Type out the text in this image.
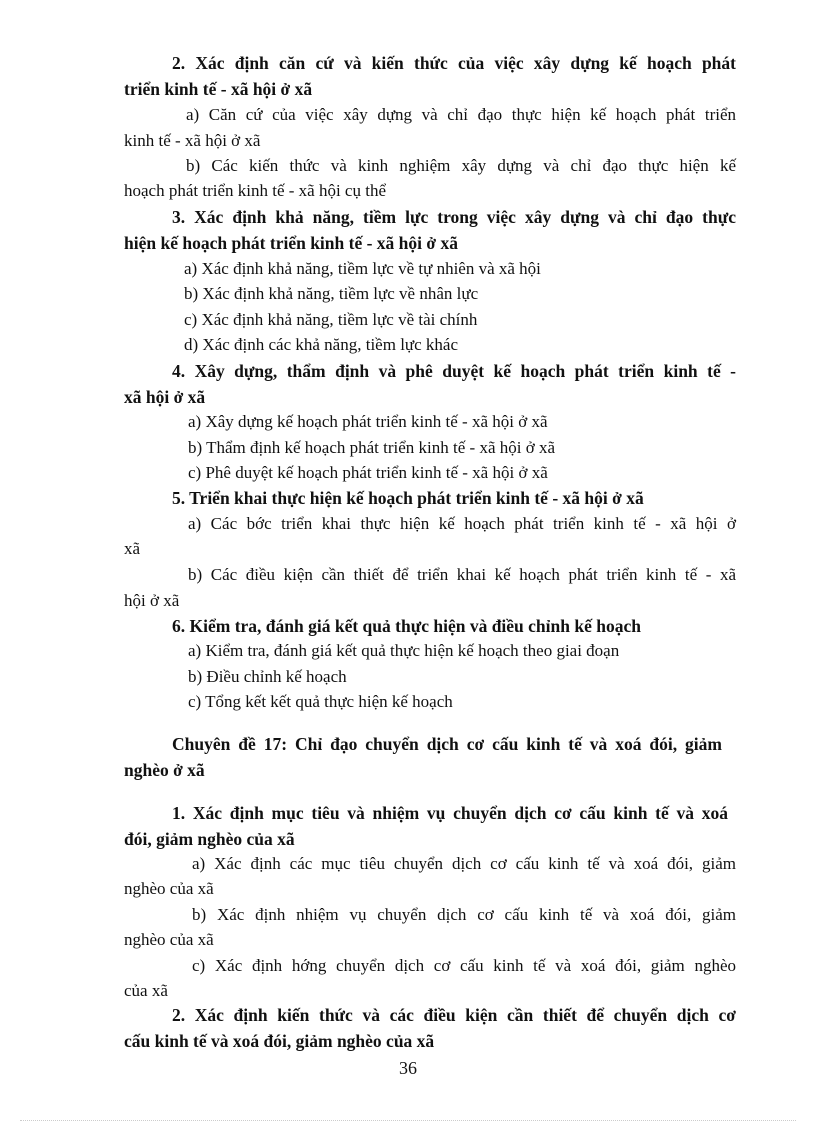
2. Xác định căn cứ và kiến thức của việc xây dựng kế hoạch phát
triển kinh tế - xã hội ở xã
a) Căn cứ của việc xây dựng và chỉ đạo thực hiện kế hoạch phát triển
kinh tế - xã hội ở xã
b) Các kiến thức và kinh nghiệm xây dựng và chỉ đạo thực hiện kế
hoạch phát triển kinh tế - xã hội cụ thể
3. Xác định khả năng, tiềm lực trong việc xây dựng và chỉ đạo thực
hiện kế hoạch phát triển kinh tế - xã hội ở xã
a) Xác định khả năng, tiềm lực về tự nhiên và xã hội
b) Xác định khả năng, tiềm lực về nhân lực
c) Xác định khả năng, tiềm lực về tài chính
d) Xác định các khả năng, tiềm lực khác
4. Xây dựng, thẩm định và phê duyệt kế hoạch phát triển kinh tế -
xã hội ở xã
a) Xây dựng kế hoạch phát triển kinh tế - xã hội ở xã
b) Thẩm định kế hoạch phát triển kinh tế - xã hội ở xã
c) Phê duyệt kế hoạch phát triển kinh tế - xã hội ở xã
5. Triển khai thực hiện kế hoạch phát triển kinh tế - xã hội ở xã
a) Các bớc triển khai thực hiện kế hoạch phát triển kinh tế - xã hội ở
xã
b) Các điều kiện cần thiết để triển khai kế hoạch phát triển kinh tế - xã
hội ở xã
6. Kiểm tra, đánh giá kết quả thực hiện và điều chỉnh kế hoạch
a) Kiểm tra, đánh giá kết quả thực hiện kế hoạch theo giai đoạn
b) Điều chỉnh kế hoạch
c) Tổng kết kết quả thực hiện kế hoạch
Chuyên đề 17: Chỉ đạo chuyển dịch cơ cấu kinh tế và xoá đói, giảm
nghèo ở xã
1. Xác định mục tiêu và nhiệm vụ chuyển dịch cơ cấu kinh tế và xoá
đói, giảm nghèo của xã
a) Xác định các mục tiêu chuyển dịch cơ cấu kinh tế và xoá đói, giảm
nghèo của xã
b) Xác định nhiệm vụ chuyển dịch cơ cấu kinh tế và xoá đói, giảm
nghèo của xã
c) Xác định hớng chuyển dịch cơ cấu kinh tế và xoá đói, giảm nghèo
của xã
2. Xác định kiến thức và các điều kiện cần thiết để chuyển dịch cơ
cấu kinh tế và xoá đói, giảm nghèo của xã
36
